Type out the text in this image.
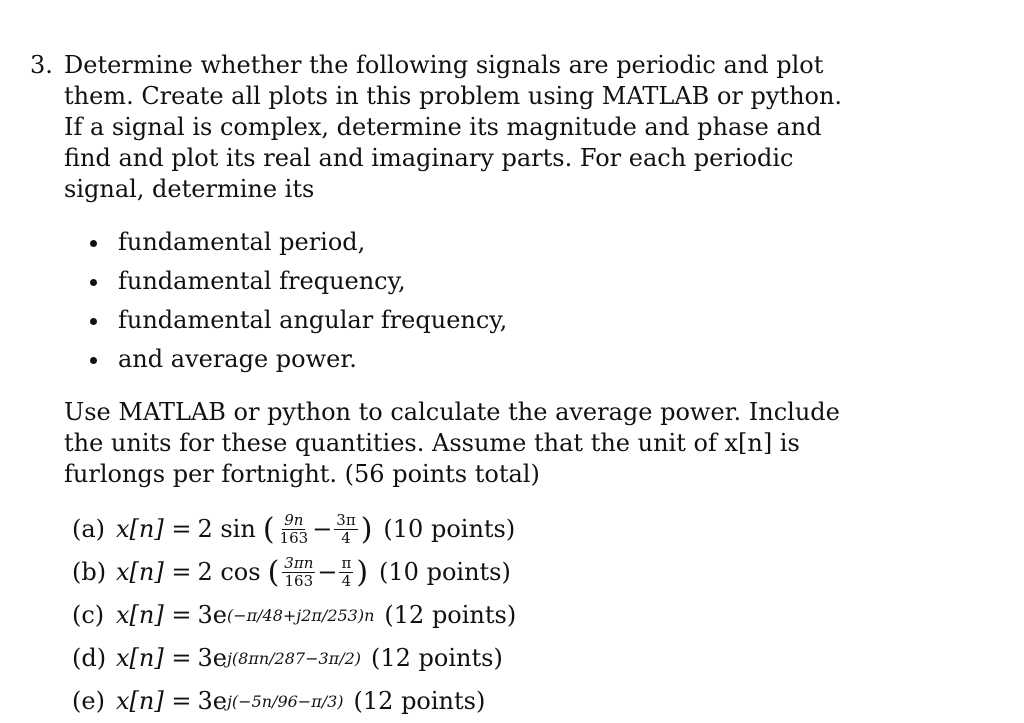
3. Determine whether the following signals are periodic and plot them. Create all plots in this problem using MATLAB or python. If a signal is complex, determine its magnitude and phase and find and plot its real and imaginary parts. For each periodic signal, determine its

fundamental period,
fundamental frequency,
fundamental angular frequency,
and average power.

Use MATLAB or python to calculate the average power. Include the units for these quantities. Assume that the unit of x[n] is furlongs per fortnight. (56 points total)

(a) x[n] = 2 sin ( $\frac{9n}{163} - \frac{3\pi}{4}$ ) (10 points)
(b) x[n] = 2 cos ( $\frac{3\pi n}{163} - \frac{\pi}{4}$ ) (10 points)
(c) x[n] = 3e (−π/48+j2π/253)n (12 points)
(d) x[n] = 3e j(8πn/287−3π/2) (12 points)
(e) x[n] = 3e j(−5n/96−π/3) (12 points)
